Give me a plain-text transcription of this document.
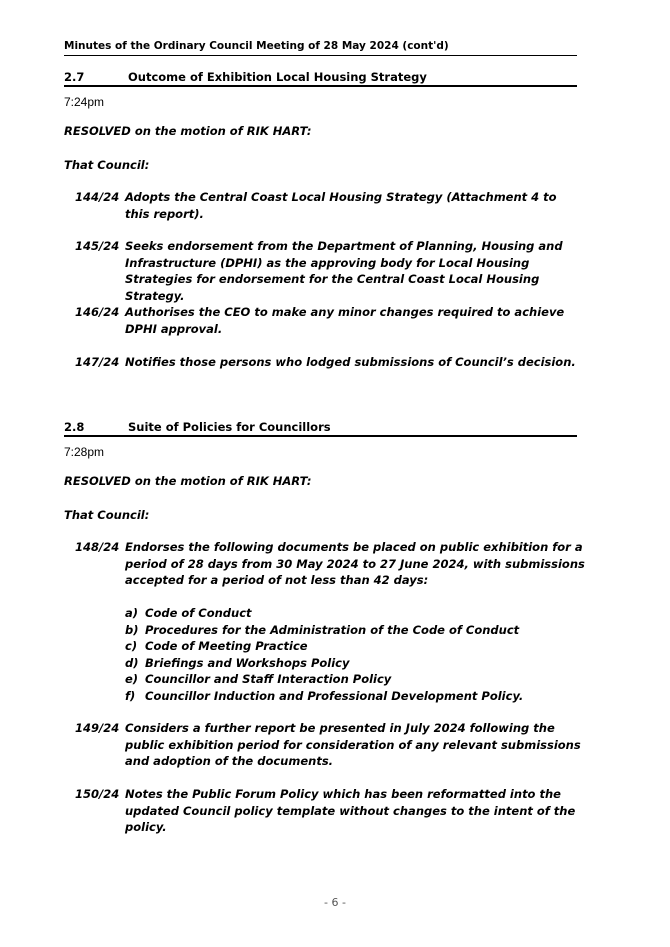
Minutes of the Ordinary Council Meeting of 28 May 2024 (cont'd)
2.7	Outcome of Exhibition Local Housing Strategy
7:24pm
RESOLVED on the motion of RIK HART:
That Council:
144/24 Adopts the Central Coast Local Housing Strategy (Attachment 4 to this report).
145/24 Seeks endorsement from the Department of Planning, Housing and Infrastructure (DPHI) as the approving body for Local Housing Strategies for endorsement for the Central Coast Local Housing Strategy.
146/24 Authorises the CEO to make any minor changes required to achieve DPHI approval.
147/24 Notifies those persons who lodged submissions of Council’s decision.
2.8	Suite of Policies for Councillors
7:28pm
RESOLVED on the motion of RIK HART:
That Council:
148/24 Endorses the following documents be placed on public exhibition for a period of 28 days from 30 May 2024 to 27 June 2024, with submissions accepted for a period of not less than 42 days:
a) Code of Conduct
b) Procedures for the Administration of the Code of Conduct
c) Code of Meeting Practice
d) Briefings and Workshops Policy
e) Councillor and Staff Interaction Policy
f) Councillor Induction and Professional Development Policy.
149/24 Considers a further report be presented in July 2024 following the public exhibition period for consideration of any relevant submissions and adoption of the documents.
150/24 Notes the Public Forum Policy which has been reformatted into the updated Council policy template without changes to the intent of the policy.
- 6 -
